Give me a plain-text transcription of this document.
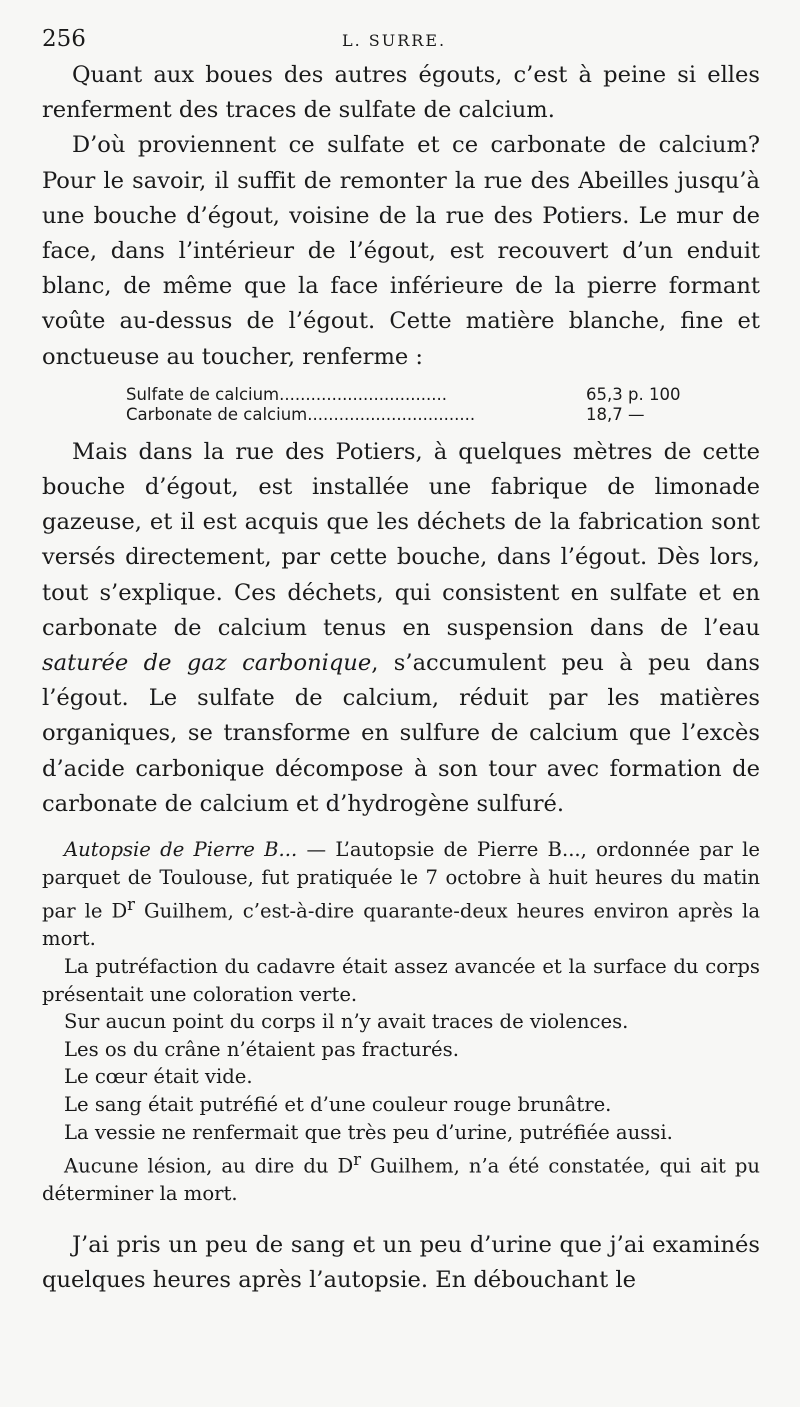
256	L. SURRE.

Quant aux boues des autres égouts, c’est à peine si elles renferment des traces de sulfate de calcium.

D’où proviennent ce sulfate et ce carbonate de calcium? Pour le savoir, il suffit de remonter la rue des Abeilles jusqu’à une bouche d’égout, voisine de la rue des Potiers. Le mur de face, dans l’intérieur de l’égout, est recouvert d’un enduit blanc, de même que la face inférieure de la pierre formant voûte au-dessus de l’égout. Cette matière blanche, fine et onctueuse au toucher, renferme :

Sulfate de calcium ................................	65,3 p. 100
Carbonate de calcium ................................	18,7 —

Mais dans la rue des Potiers, à quelques mètres de cette bouche d’égout, est installée une fabrique de limonade gazeuse, et il est acquis que les déchets de la fabrication sont versés directement, par cette bouche, dans l’égout. Dès lors, tout s’explique. Ces déchets, qui consistent en sulfate et en carbonate de calcium tenus en suspension dans de l’eau saturée de gaz carbonique, s’accumulent peu à peu dans l’égout. Le sulfate de calcium, réduit par les matières organiques, se transforme en sulfure de calcium que l’excès d’acide carbonique décompose à son tour avec formation de carbonate de calcium et d’hydrogène sulfuré.

Autopsie de Pierre B... — L’autopsie de Pierre B..., ordonnée par le parquet de Toulouse, fut pratiquée le 7 octobre à huit heures du matin par le $D^r$ Guilhem, c’est-à-dire quarante-deux heures environ après la mort.

La putréfaction du cadavre était assez avancée et la surface du corps présentait une coloration verte.

Sur aucun point du corps il n’y avait traces de violences.

Les os du crâne n’étaient pas fracturés.

Le cœur était vide.

Le sang était putréfié et d’une couleur rouge brunâtre.

La vessie ne renfermait que très peu d’urine, putréfiée aussi.

Aucune lésion, au dire du $D^r$ Guilhem, n’a été constatée, qui ait pu déterminer la mort.

J’ai pris un peu de sang et un peu d’urine que j’ai examinés quelques heures après l’autopsie. En débouchant le
